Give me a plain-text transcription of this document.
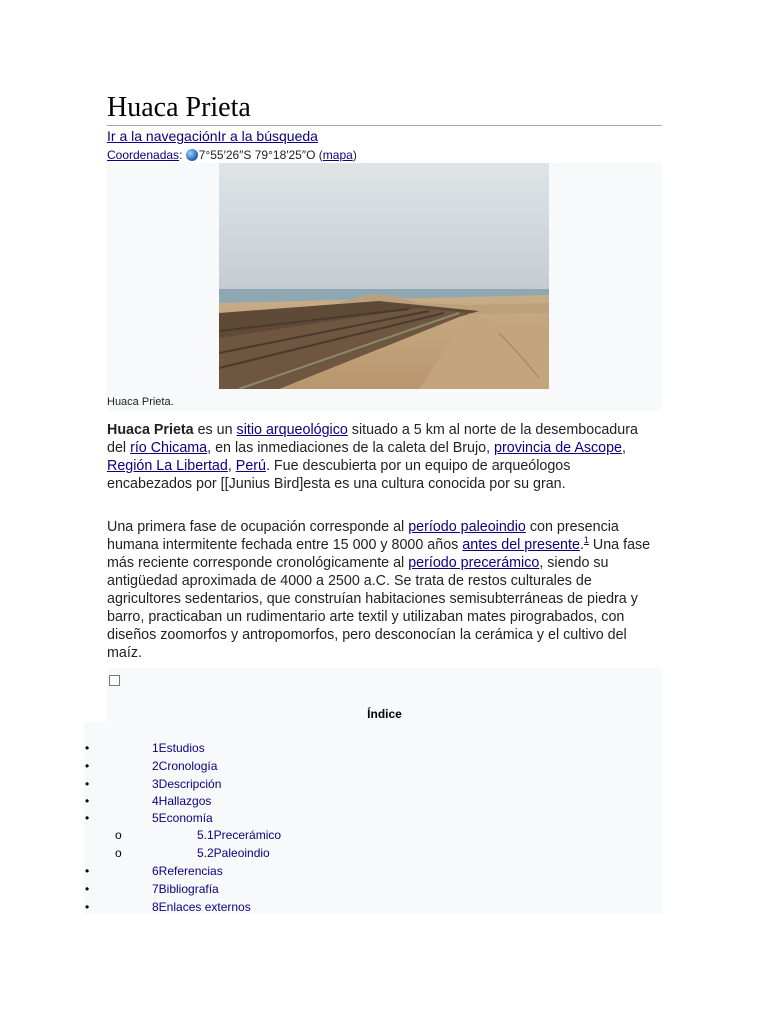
Huaca Prieta
Ir a la navegaciónIr a la búsqueda
Coordenadas: 7°55′26″S 79°18′25″O (mapa)
Huaca Prieta.

Huaca Prieta es un sitio arqueológico situado a 5 km al norte de la desembocadura del río Chicama, en las inmediaciones de la caleta del Brujo, provincia de Ascope, Región La Libertad, Perú. Fue descubierta por un equipo de arqueólogos encabezados por [[Junius Bird]esta es una cultura conocida por su gran.

Una primera fase de ocupación corresponde al período paleoindio con presencia humana intermitente fechada entre 15 000 y 8000 años antes del presente.$^1$ Una fase más reciente corresponde cronológicamente al período precerámico, siendo su antigüedad aproximada de 4000 a 2500 a.C. Se trata de restos culturales de agricultores sedentarios, que construían habitaciones semisubterráneas de piedra y barro, practicaban un rudimentario arte textil y utilizaban mates pirograbados, con diseños zoomorfos y antropomorfos, pero desconocían la cerámica y el cultivo del maíz.

Índice
•	1Estudios
•	2Cronología
•	3Descripción
•	4Hallazgos
•	5Economía
o	5.1Precerámico
o	5.2Paleoindio
•	6Referencias
•	7Bibliografía
•	8Enlaces externos
